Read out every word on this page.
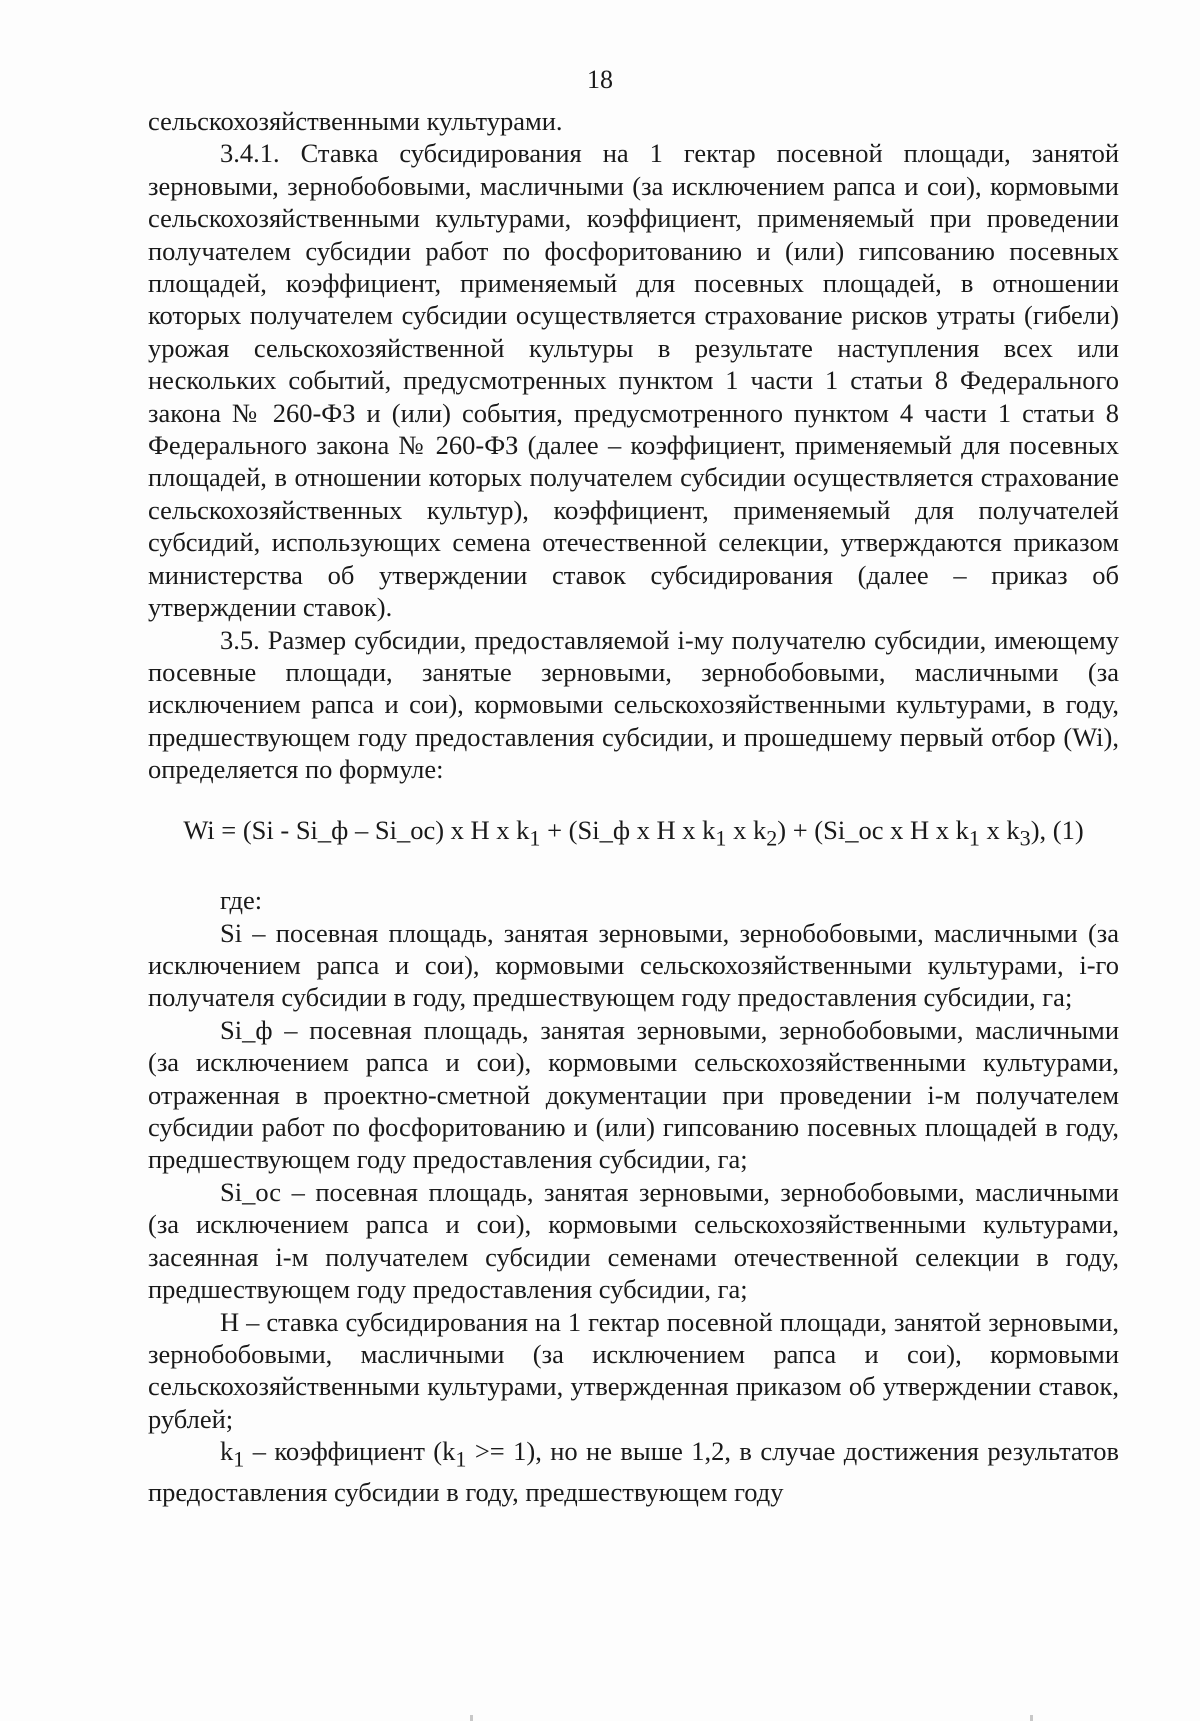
18

сельскохозяйственными культурами.

3.4.1. Ставка субсидирования на 1 гектар посевной площади, занятой зерновыми, зернобобовыми, масличными (за исключением рапса и сои), кормовыми сельскохозяйственными культурами, коэффициент, применяемый при проведении получателем субсидии работ по фосфоритованию и (или) гипсованию посевных площадей, коэффициент, применяемый для посевных площадей, в отношении которых получателем субсидии осуществляется страхование рисков утраты (гибели) урожая сельскохозяйственной культуры в результате наступления всех или нескольких событий, предусмотренных пунктом 1 части 1 статьи 8 Федерального закона № 260-ФЗ и (или) события, предусмотренного пунктом 4 части 1 статьи 8 Федерального закона № 260-ФЗ (далее – коэффициент, применяемый для посевных площадей, в отношении которых получателем субсидии осуществляется страхование сельскохозяйственных культур), коэффициент, применяемый для получателей субсидий, использующих семена отечественной селекции, утверждаются приказом министерства об утверждении ставок субсидирования (далее – приказ об утверждении ставок).

3.5. Размер субсидии, предоставляемой i-му получателю субсидии, имеющему посевные площади, занятые зерновыми, зернобобовыми, масличными (за исключением рапса и сои), кормовыми сельскохозяйственными культурами, в году, предшествующем году предоставления субсидии, и прошедшему первый отбор (Wi), определяется по формуле:

Wi = (Si - Si_ф – Si_oc) x H x $k_1$ + (Si_ф x H x $k_1$ x $k_2$) + (Si_oc x H x $k_1$ x $k_3$), (1)

где:

Si – посевная площадь, занятая зерновыми, зернобобовыми, масличными (за исключением рапса и сои), кормовыми сельскохозяйственными культурами, i-го получателя субсидии в году, предшествующем году предоставления субсидии, га;

Si_ф – посевная площадь, занятая зерновыми, зернобобовыми, масличными (за исключением рапса и сои), кормовыми сельскохозяйственными культурами, отраженная в проектно-сметной документации при проведении i-м получателем субсидии работ по фосфоритованию и (или) гипсованию посевных площадей в году, предшествующем году предоставления субсидии, га;

Si_ос – посевная площадь, занятая зерновыми, зернобобовыми, масличными (за исключением рапса и сои), кормовыми сельскохозяйственными культурами, засеянная i-м получателем субсидии семенами отечественной селекции в году, предшествующем году предоставления субсидии, га;

Н – ставка субсидирования на 1 гектар посевной площади, занятой зерновыми, зернобобовыми, масличными (за исключением рапса и сои), кормовыми сельскохозяйственными культурами, утвержденная приказом об утверждении ставок, рублей;

$k_1$ – коэффициент $(k_1 >= 1)$, но не выше 1,2, в случае достижения результатов предоставления субсидии в году, предшествующем году
